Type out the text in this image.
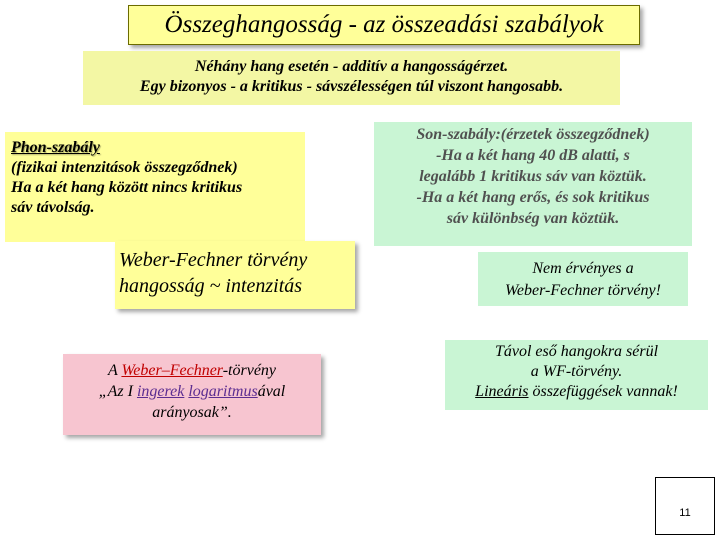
Összeghangosság - az összeadási szabályok
Néhány hang esetén - additív a hangosságérzet.
Egy bizonyos - a kritikus - sávszélességen túl viszont hangosabb.
Phon-szabály
(fizikai intenzitások összegződnek)
Ha a két hang között nincs kritikus
sáv távolság.
Son-szabály:(érzetek összegződnek)
-Ha a két hang 40 dB alatti, s
legalább 1 kritikus sáv van köztük.
-Ha a két hang erős, és sok kritikus
sáv különbség van köztük.
Weber-Fechner törvény
hangosság ~ intenzitás
Nem érvényes a
Weber-Fechner törvény!
A Weber–Fechner-törvény
„Az I ingerek logaritmusával
arányosak”.
Távol eső hangokra sérül
a WF-törvény.
Lineáris összefüggések vannak!
11
